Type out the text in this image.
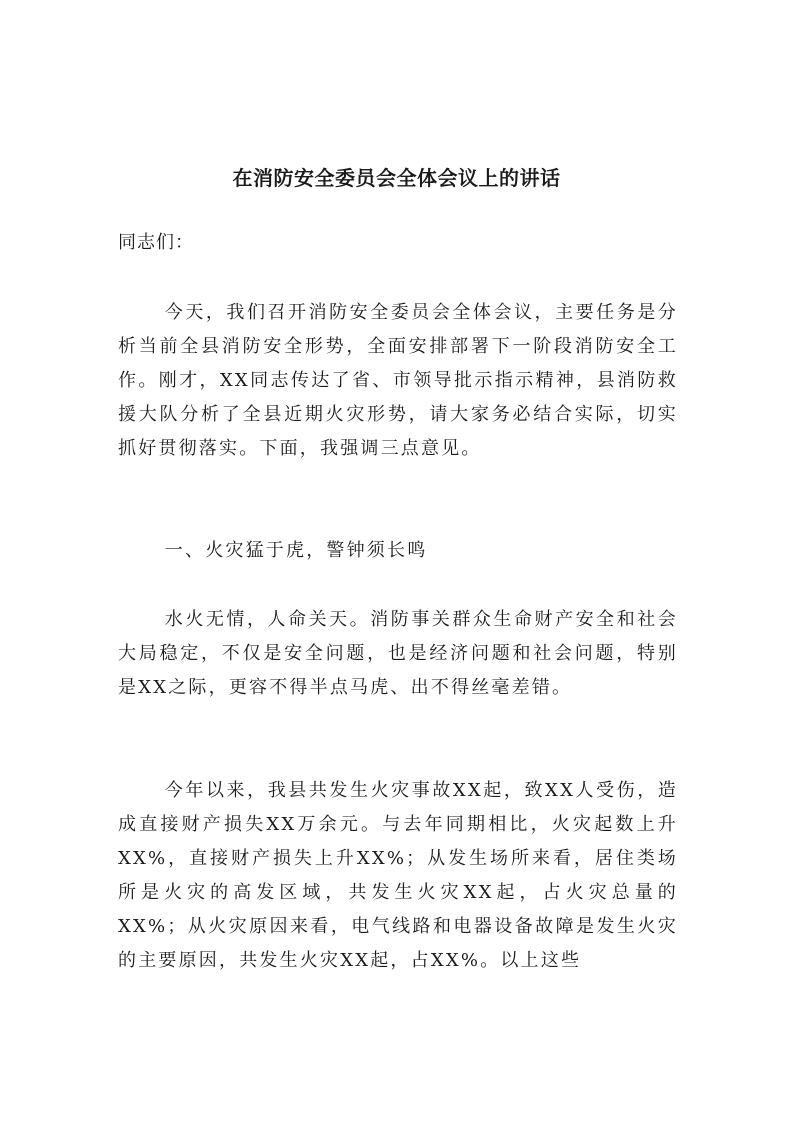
在消防安全委员会全体会议上的讲话

同志们：

今天，我们召开消防安全委员会全体会议，主要任务是分析当前全县消防安全形势，全面安排部署下一阶段消防安全工作。刚才，XX同志传达了省、市领导批示指示精神，县消防救援大队分析了全县近期火灾形势，请大家务必结合实际，切实抓好贯彻落实。下面，我强调三点意见。

一、火灾猛于虎，警钟须长鸣

水火无情，人命关天。消防事关群众生命财产安全和社会大局稳定，不仅是安全问题，也是经济问题和社会问题，特别是XX之际，更容不得半点马虎、出不得丝毫差错。

今年以来，我县共发生火灾事故XX起，致XX人受伤，造成直接财产损失XX万余元。与去年同期相比，火灾起数上升XX%，直接财产损失上升XX%；从发生场所来看，居住类场所是火灾的高发区域，共发生火灾XX起，占火灾总量的XX%；从火灾原因来看，电气线路和电器设备故障是发生火灾的主要原因，共发生火灾XX起，占XX%。以上这些
